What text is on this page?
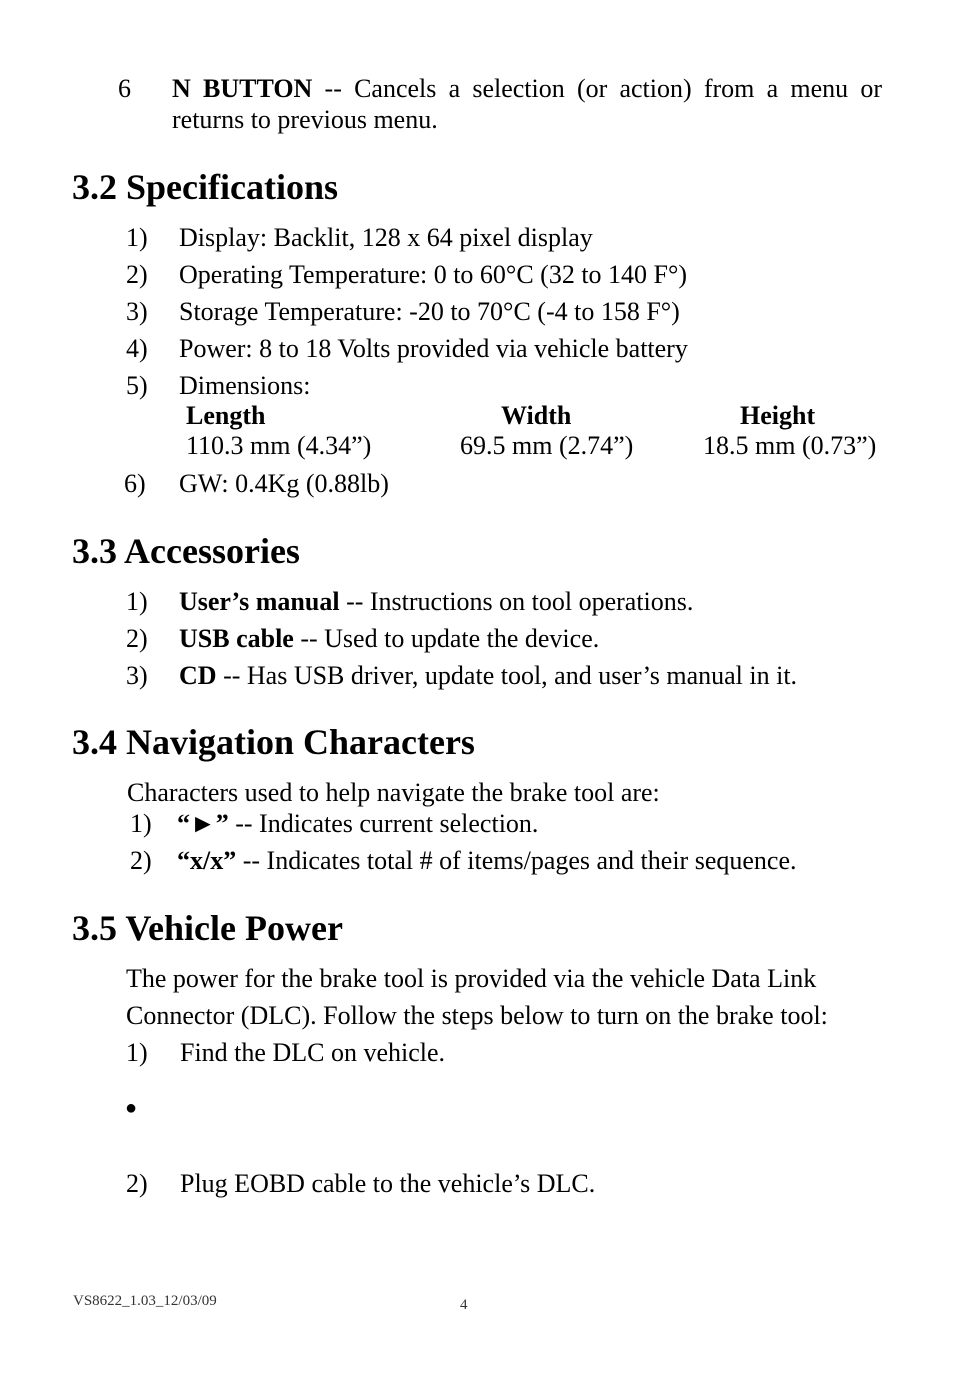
6 N BUTTON -- Cancels a selection (or action) from a menu or
returns to previous menu.
3.2 Specifications
1) Display: Backlit, 128 x 64 pixel display
2) Operating Temperature: 0 to 60°C (32 to 140 F°)
3) Storage Temperature: -20 to 70°C (-4 to 158 F°)
4) Power: 8 to 18 Volts provided via vehicle battery
5) Dimensions:
Length	Width	Height
110.3 mm (4.34”)	69.5 mm (2.74”)	18.5 mm (0.73”)
6) GW: 0.4Kg (0.88lb)
3.3 Accessories
1) User’s manual -- Instructions on tool operations.
2) USB cable -- Used to update the device.
3) CD -- Has USB driver, update tool, and user’s manual in it.
3.4 Navigation Characters
Characters used to help navigate the brake tool are:
1) “►” -- Indicates current selection.
2) “x/x” -- Indicates total # of items/pages and their sequence.
3.5 Vehicle Power
The power for the brake tool is provided via the vehicle Data Link
Connector (DLC). Follow the steps below to turn on the brake tool:
1) Find the DLC on vehicle.
●
2) Plug EOBD cable to the vehicle’s DLC.
VS8622_1.03_12/03/09	4
